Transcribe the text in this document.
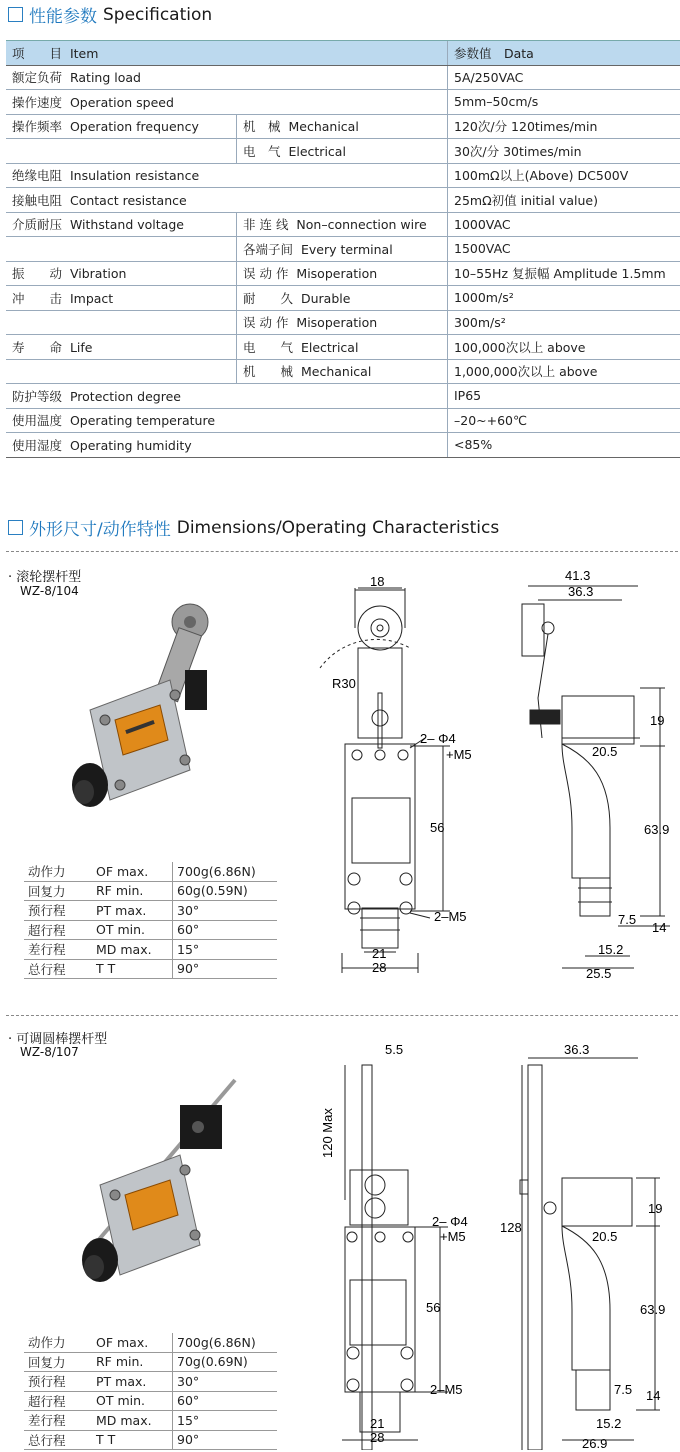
性能参数 Specification
项　　目 Item		参数值　Data
额定负荷 Rating load		5A/250VAC
操作速度 Operation speed		5mm–50cm/s
操作频率 Operation frequency	机　械 Mechanical	120次/分 120times/min
	电　气 Electrical	30次/分 30times/min
绝缘电阻 Insulation resistance		100mΩ以上(Above) DC500V
接触电阻 Contact resistance		25mΩ初值 initial value)
介质耐压 Withstand voltage	非 连 线 Non–connection wire	1000VAC
	各端子间 Every terminal	1500VAC
振　　动 Vibration	误 动 作 Misoperation	10–55Hz 复振幅 Amplitude 1.5mm
冲　　击 Impact	耐　　久 Durable	1000m/s²
	误 动 作 Misoperation	300m/s²
寿　　命 Life	电　　气 Electrical	100,000次以上 above
	机　　械 Mechanical	1,000,000次以上 above
防护等级 Protection degree		IP65
使用温度 Operating temperature		–20~+60℃
使用湿度 Operating humidity		<85%
外形尺寸/动作特性 Dimensions/Operating Characteristics
· 滚轮摆杆型
WZ-8/104
动作力	OF max.	700g(6.86N)
回复力	RF min.	60g(0.59N)
预行程	PT max.	30°
超行程	OT min.	60°
差行程	MD max.	15°
总行程	T T	90°
18
R30
2– Φ4
+M5
56
2–M5
21
28
41.3
36.3
19
20.5
63.9
7.5
14
15.2
25.5
· 可调圆棒摆杆型
WZ-8/107
动作力	OF max.	700g(6.86N)
回复力	RF min.	70g(0.69N)
预行程	PT max.	30°
超行程	OT min.	60°
差行程	MD max.	15°
总行程	T T	90°
5.5
120 Max
2– Φ4
+M5
56
2–M5
21
28
36.3
128
19
20.5
63.9
7.5 14
15.2
26.9
